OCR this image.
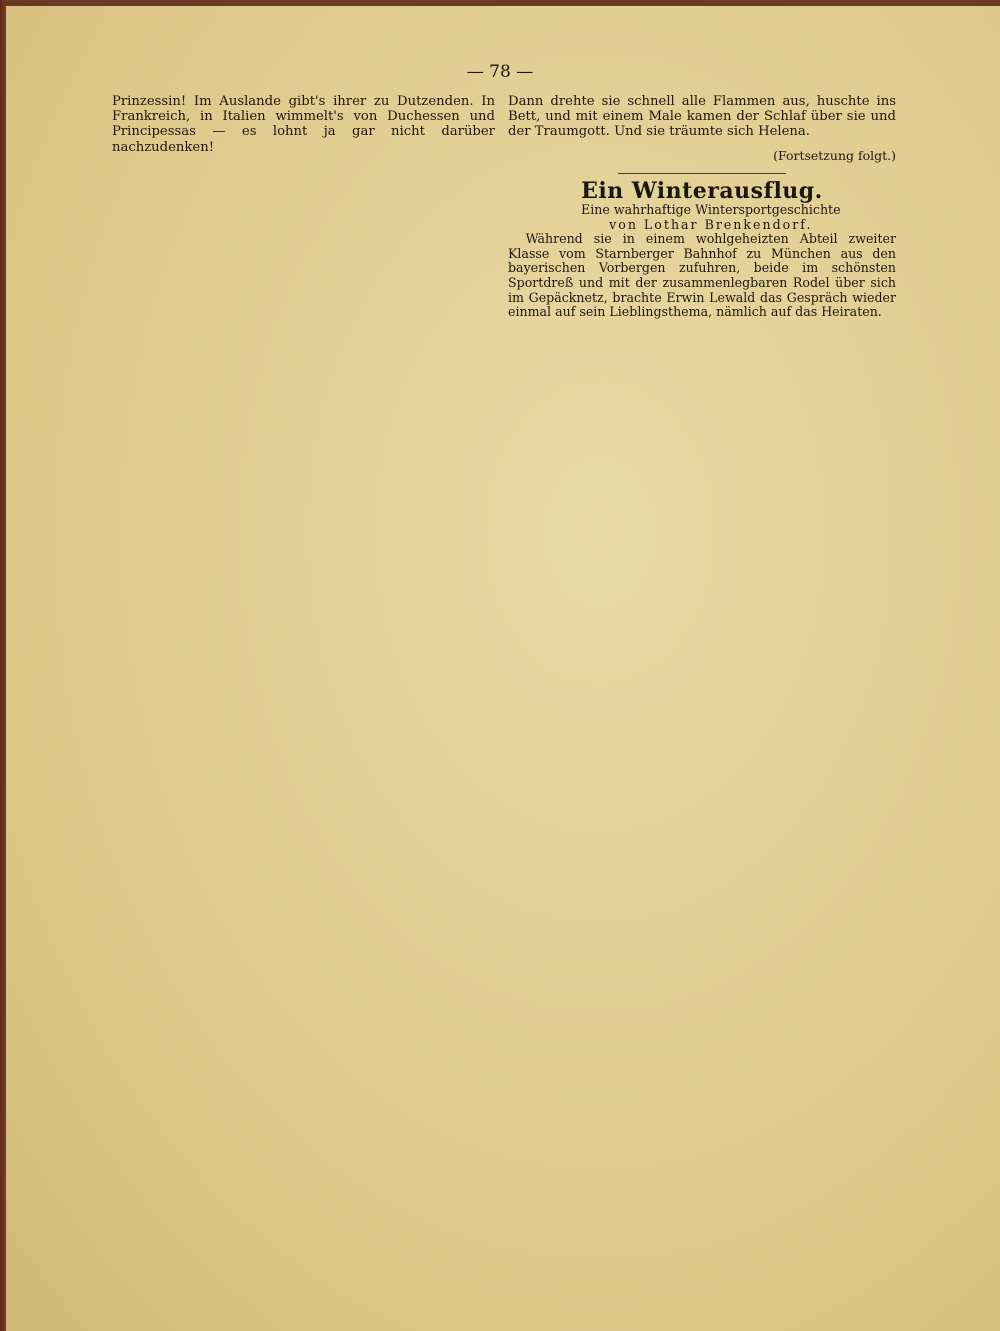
— 78 —

Prinzessin! Im Auslande gibt's ihrer zu Dutzenden. In Frankreich, in Italien wimmelt's von Duchessen und Principessas — es lohnt ja gar nicht darüber nachzudenken!

Dann drehte sie schnell alle Flammen aus, huschte ins Bett, und mit einem Male kamen der Schlaf über sie und der Traumgott. Und sie träumte sich Helena.

(Fortsetzung folgt.)
Ein Winterausflug.

Eine wahrhaftige Wintersportgeschichte

von Lothar Brenkendorf.

Während sie in einem wohlgeheizten Abteil zweiter Klasse vom Starnberger Bahnhof zu München aus den bayerischen Vorbergen zufuhren, beide im schönsten Sportdreß und mit der zusammenlegbaren Rodel über sich im Gepäcknetz, brachte Erwin Lewald das Gespräch wieder einmal auf sein Lieblingsthema, nämlich auf das Heiraten.
